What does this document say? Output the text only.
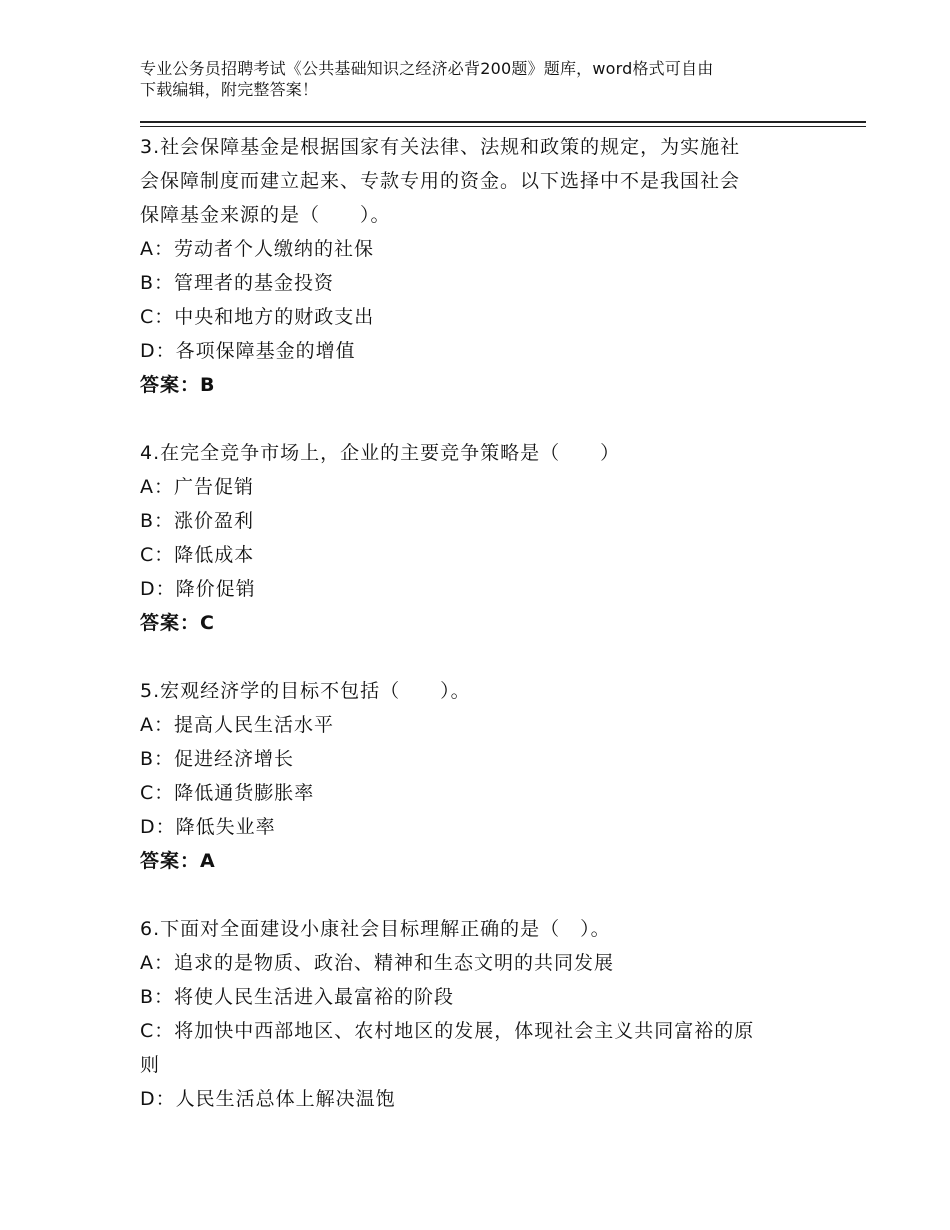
专业公务员招聘考试《公共基础知识之经济必背200题》题库，word格式可自由
下载编辑，附完整答案！
3.社会保障基金是根据国家有关法律、法规和政策的规定，为实施社
会保障制度而建立起来、专款专用的资金。以下选择中不是我国社会
保障基金来源的是（　　）。
A：劳动者个人缴纳的社保
B：管理者的基金投资
C：中央和地方的财政支出
D：各项保障基金的增值
答案：B
4.在完全竞争市场上，企业的主要竞争策略是（　　）
A：广告促销
B：涨价盈利
C：降低成本
D：降价促销
答案：C
5.宏观经济学的目标不包括（　　）。
A：提高人民生活水平
B：促进经济增长
C：降低通货膨胀率
D：降低失业率
答案：A
6.下面对全面建设小康社会目标理解正确的是（　）。
A：追求的是物质、政治、精神和生态文明的共同发展
B：将使人民生活进入最富裕的阶段
C：将加快中西部地区、农村地区的发展，体现社会主义共同富裕的原
则
D：人民生活总体上解决温饱
